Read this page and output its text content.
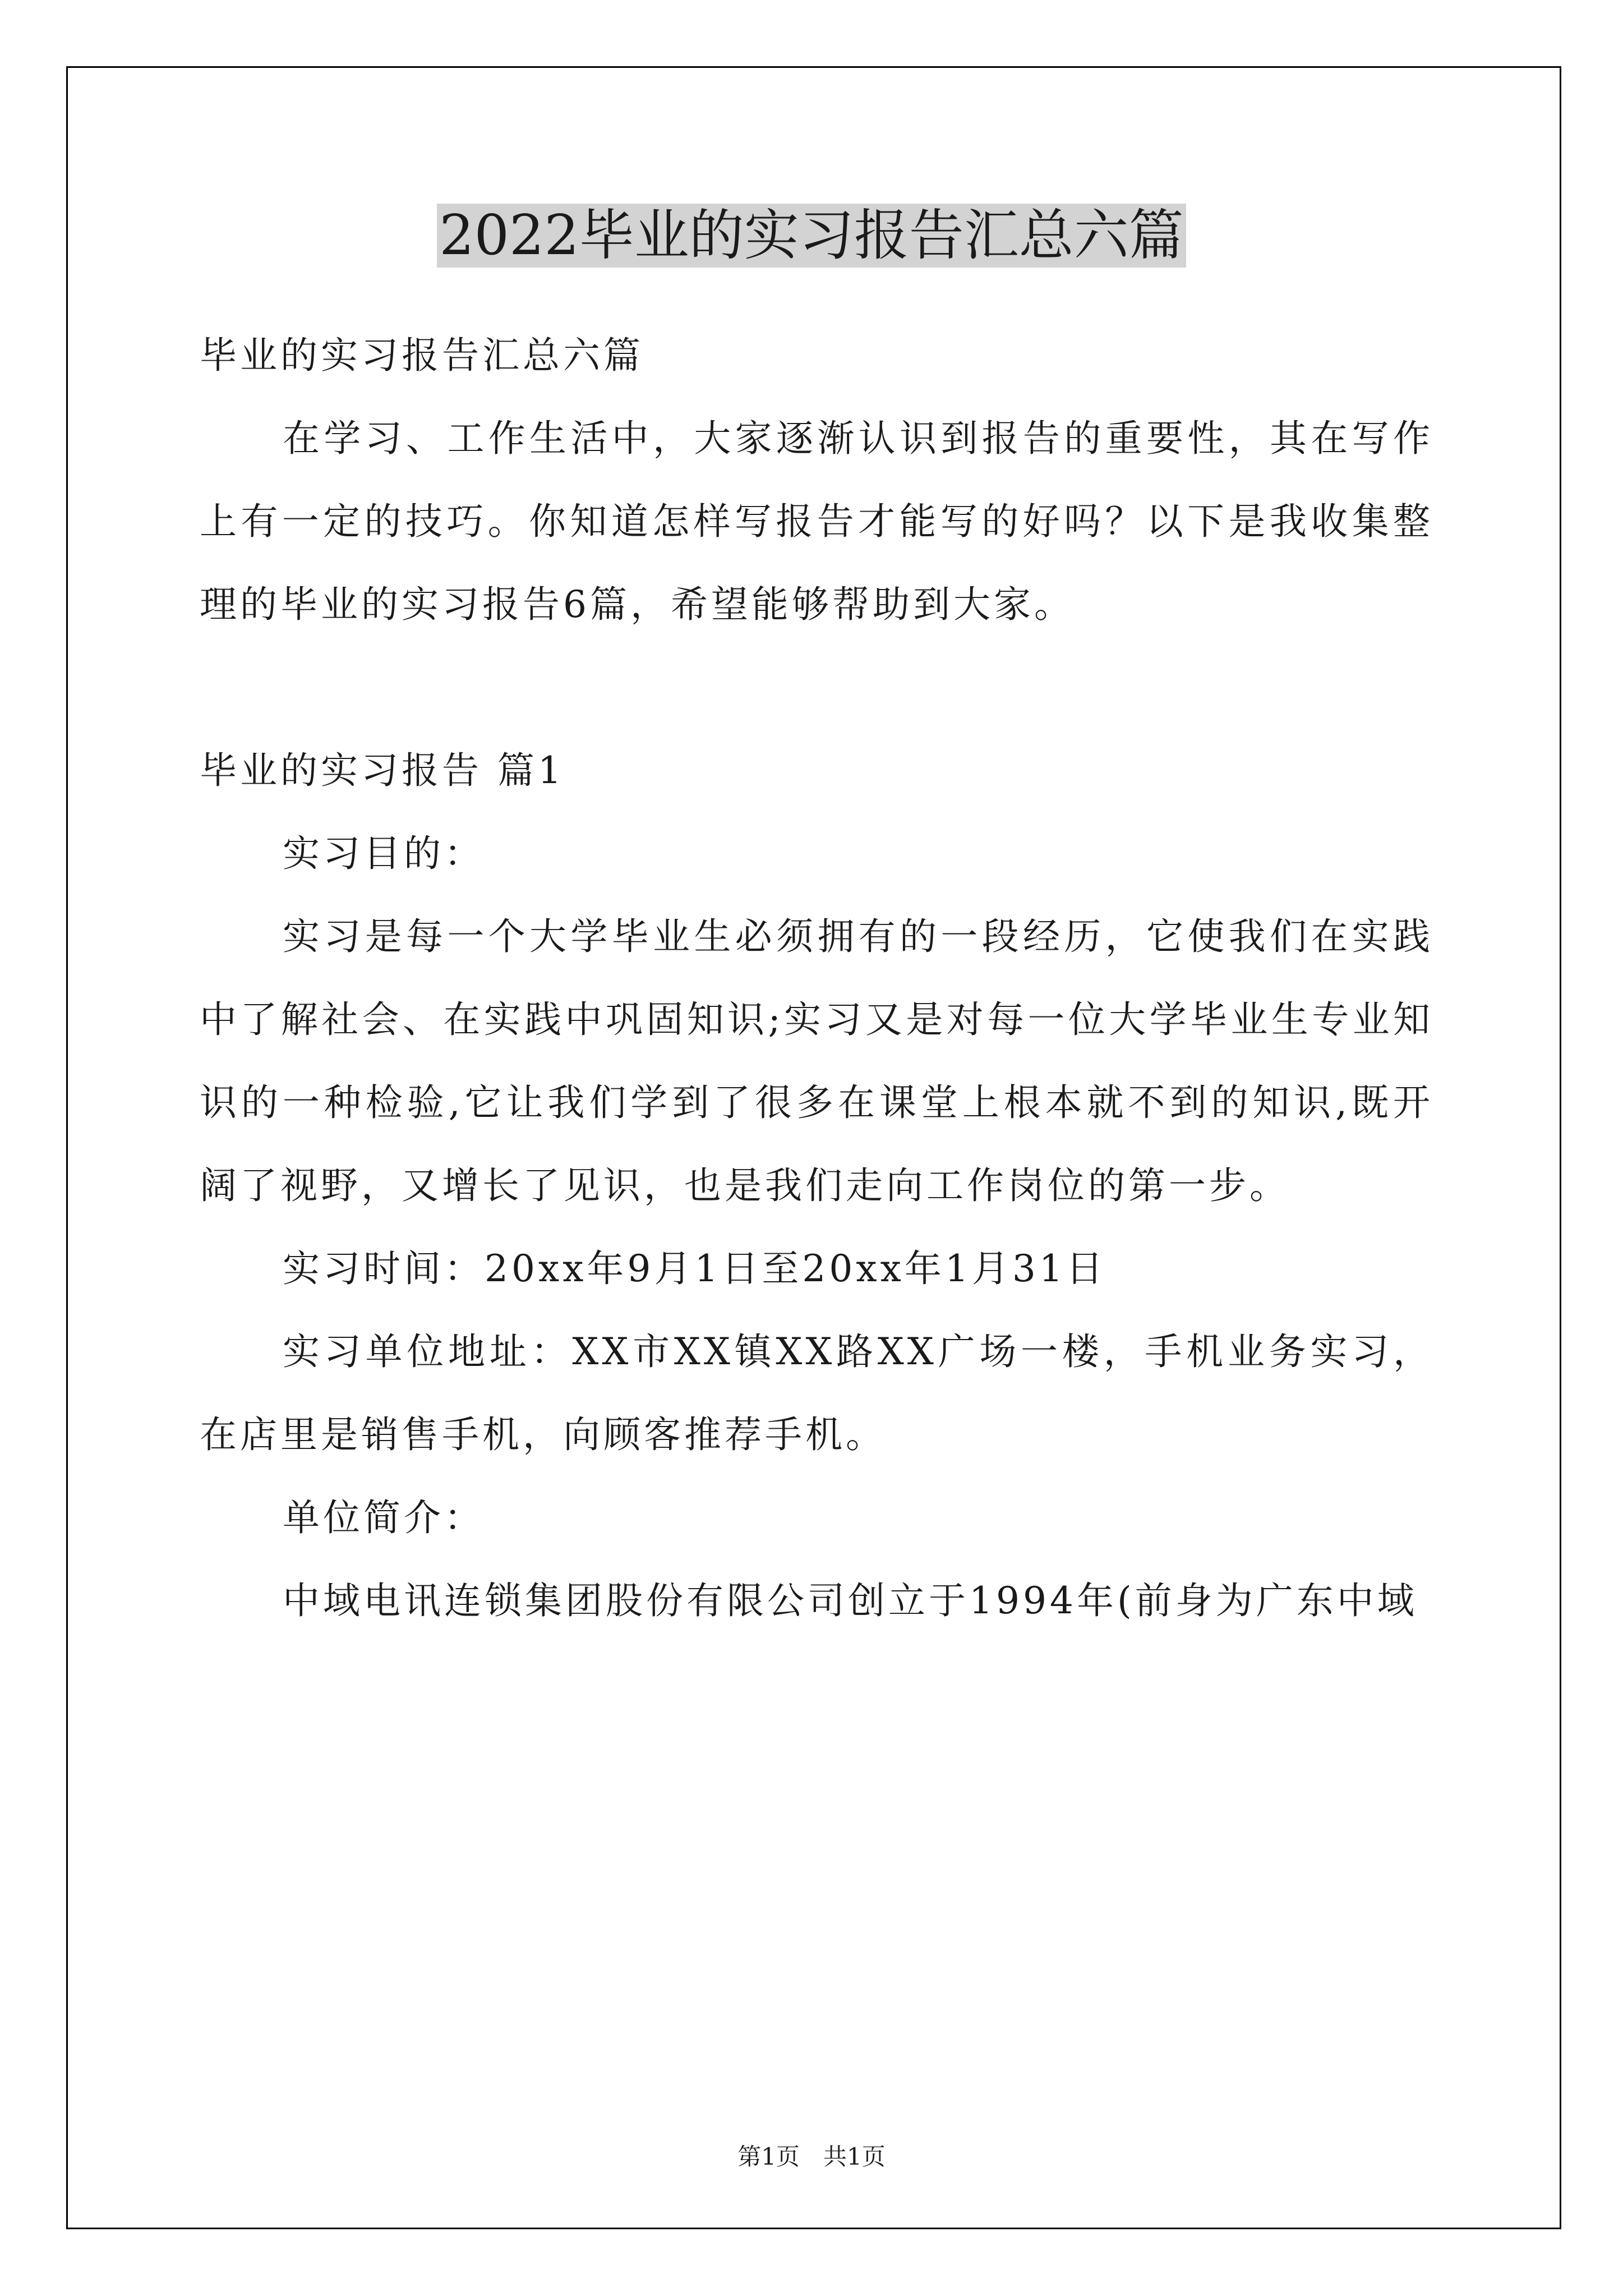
2022毕业的实习报告汇总六篇

毕业的实习报告汇总六篇

在学习、工作生活中，大家逐渐认识到报告的重要性，其在写作上有一定的技巧。你知道怎样写报告才能写的好吗？以下是我收集整理的毕业的实习报告6篇，希望能够帮助到大家。

毕业的实习报告 篇1

实习目的：

实习是每一个大学毕业生必须拥有的一段经历，它使我们在实践中了解社会、在实践中巩固知识;实习又是对每一位大学毕业生专业知识的一种检验,它让我们学到了很多在课堂上根本就不到的知识,既开阔了视野，又增长了见识，也是我们走向工作岗位的第一步。

实习时间：20xx年9月1日至20xx年1月31日

实习单位地址：XX市XX镇XX路XX广场一楼，手机业务实习，在店里是销售手机，向顾客推荐手机。

单位简介：

中域电讯连锁集团股份有限公司创立于1994年(前身为广东中域

第1页　共1页
